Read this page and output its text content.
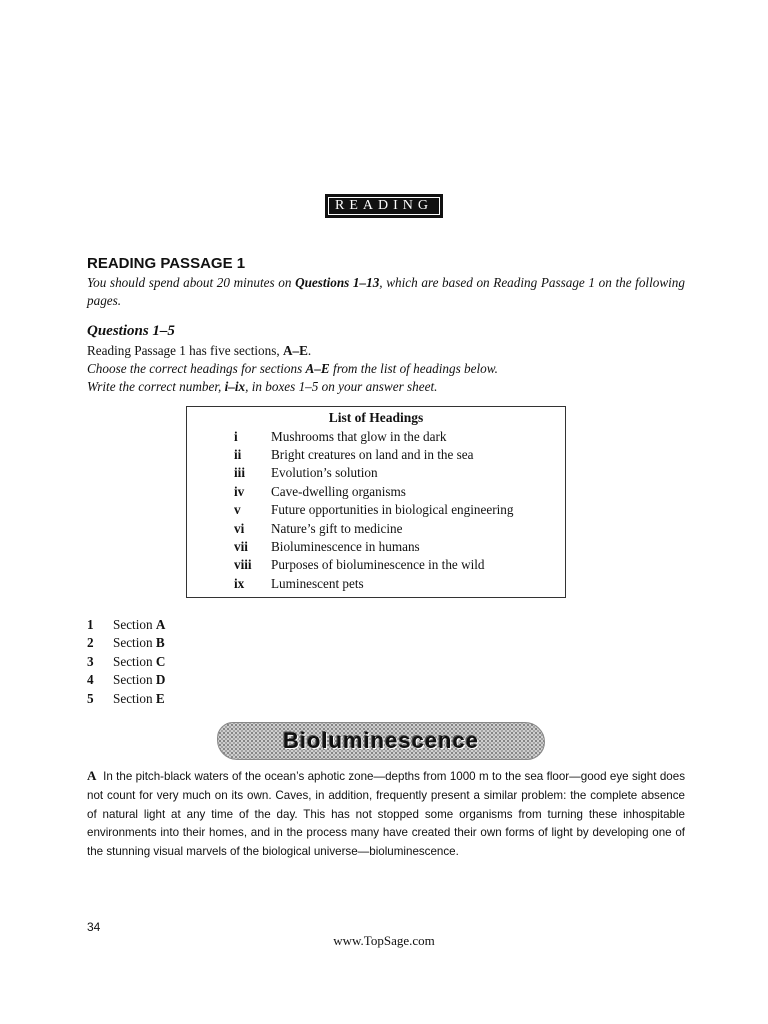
READING
READING PASSAGE 1
You should spend about 20 minutes on Questions 1–13, which are based on Reading Passage 1 on the following pages.
Questions 1–5
Reading Passage 1 has five sections, A–E.
Choose the correct headings for sections A–E from the list of headings below.
Write the correct number, i–ix, in boxes 1–5 on your answer sheet.
List of Headings
i	Mushrooms that glow in the dark
ii Bright creatures on land and in the sea
iii Evolution’s solution
iv Cave-dwelling organisms
v Future opportunities in biological engineering
vi Nature’s gift to medicine
vii Bioluminescence in humans
viii Purposes of bioluminescence in the wild
ix Luminescent pets
1 Section A
2 Section B
3 Section C
4 Section D
5 Section E
Bioluminescence
A In the pitch-black waters of the ocean’s aphotic zone—depths from 1000 m to the sea floor—good eye sight does not count for very much on its own. Caves, in addition, frequently present a similar problem: the complete absence of natural light at any time of the day. This has not stopped some organisms from turning these inhospitable environments into their homes, and in the process many have created their own forms of light by developing one of the stunning visual marvels of the biological universe—bioluminescence.
34
www.TopSage.com
